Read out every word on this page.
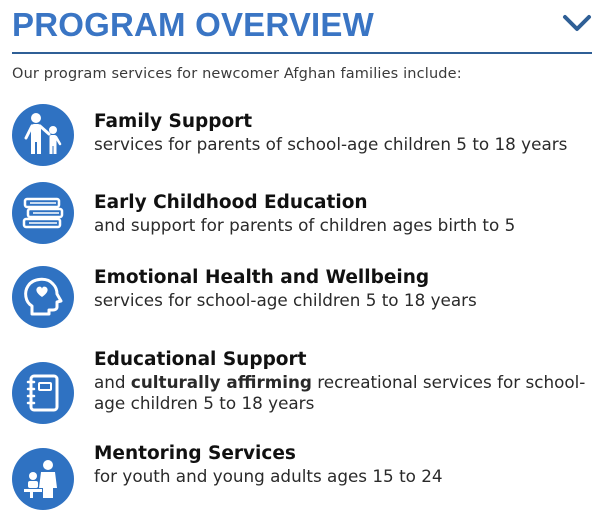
PROGRAM OVERVIEW
Our program services for newcomer Afghan families include:
Family Support
services for parents of school-age children 5 to 18 years
Early Childhood Education
and support for parents of children ages birth to 5
Emotional Health and Wellbeing
services for school-age children 5 to 18 years
Educational Support
and culturally affirming recreational services for school-age children 5 to 18 years
Mentoring Services
for youth and young adults ages 15 to 24
